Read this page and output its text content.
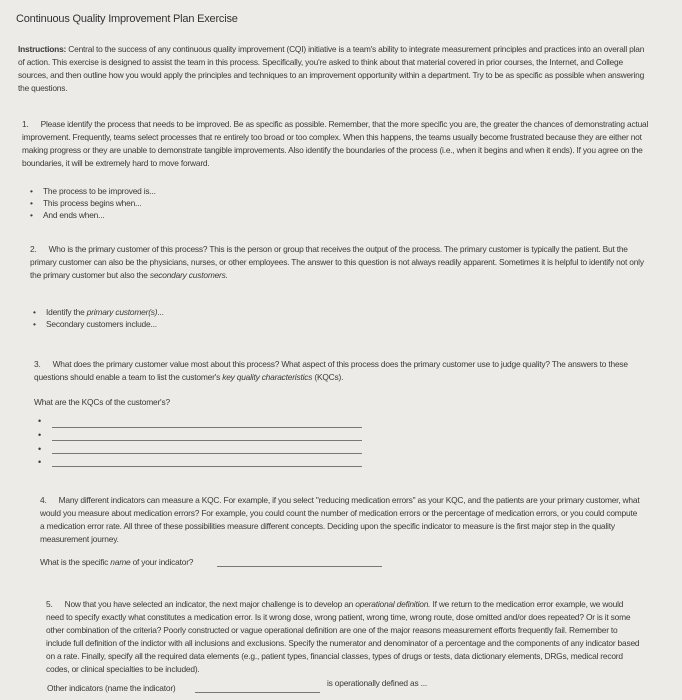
Continuous Quality Improvement Plan Exercise
Instructions: Central to the success of any continuous quality improvement (CQI) initiative is a team's ability to integrate measurement principles and practices into an overall plan of action. This exercise is designed to assist the team in this process. Specifically, you're asked to think about that material covered in prior courses, the Internet, and College sources, and then outline how you would apply the principles and techniques to an improvement opportunity within a department. Try to be as specific as possible when answering the questions.
1. Please identify the process that needs to be improved. Be as specific as possible. Remember, that the more specific you are, the greater the chances of demonstrating actual improvement. Frequently, teams select processes that re entirely too broad or too complex. When this happens, the teams usually become frustrated because they are either not making progress or they are unable to demonstrate tangible improvements. Also identify the boundaries of the process (i.e., when it begins and when it ends). If you agree on the boundaries, it will be extremely hard to move forward.
• The process to be improved is...
• This process begins when...
• And ends when...
2. Who is the primary customer of this process? This is the person or group that receives the output of the process. The primary customer is typically the patient. But the primary customer can also be the physicians, nurses, or other employees. The answer to this question is not always readily apparent. Sometimes it is helpful to identify not only the primary customer but also the secondary customers.
• Identify the primary customer(s)...
• Secondary customers include...
3. What does the primary customer value most about this process? What aspect of this process does the primary customer use to judge quality? The answers to these questions should enable a team to list the customer's key quality characteristics (KQCs).
What are the KQCs of the customer's?
•
•
•
•
4. Many different indicators can measure a KQC. For example, if you select "reducing medication errors" as your KQC, and the patients are your primary customer, what would you measure about medication errors? For example, you could count the number of medication errors or the percentage of medication errors, or you could compute a medication error rate. All three of these possibilities measure different concepts. Deciding upon the specific indicator to measure is the first major step in the quality measurement journey.
What is the specific name of your indicator?
5. Now that you have selected an indicator, the next major challenge is to develop an operational definition. If we return to the medication error example, we would need to specify exactly what constitutes a medication error. Is it wrong dose, wrong patient, wrong time, wrong route, dose omitted and/or does repeated? Or is it some other combination of the criteria? Poorly constructed or vague operational definition are one of the major reasons measurement efforts frequently fail. Remember to include full definition of the indictor with all inclusions and exclusions. Specify the numerator and denominator of a percentage and the components of any indicator based on a rate. Finally, specify all the required data elements (e.g., patient types, financial classes, types of drugs or tests, data dictionary elements, DRGs, medical record codes, or clinical specialties to be included).
Other indicators (name the indicator)	is operationally defined as ...
